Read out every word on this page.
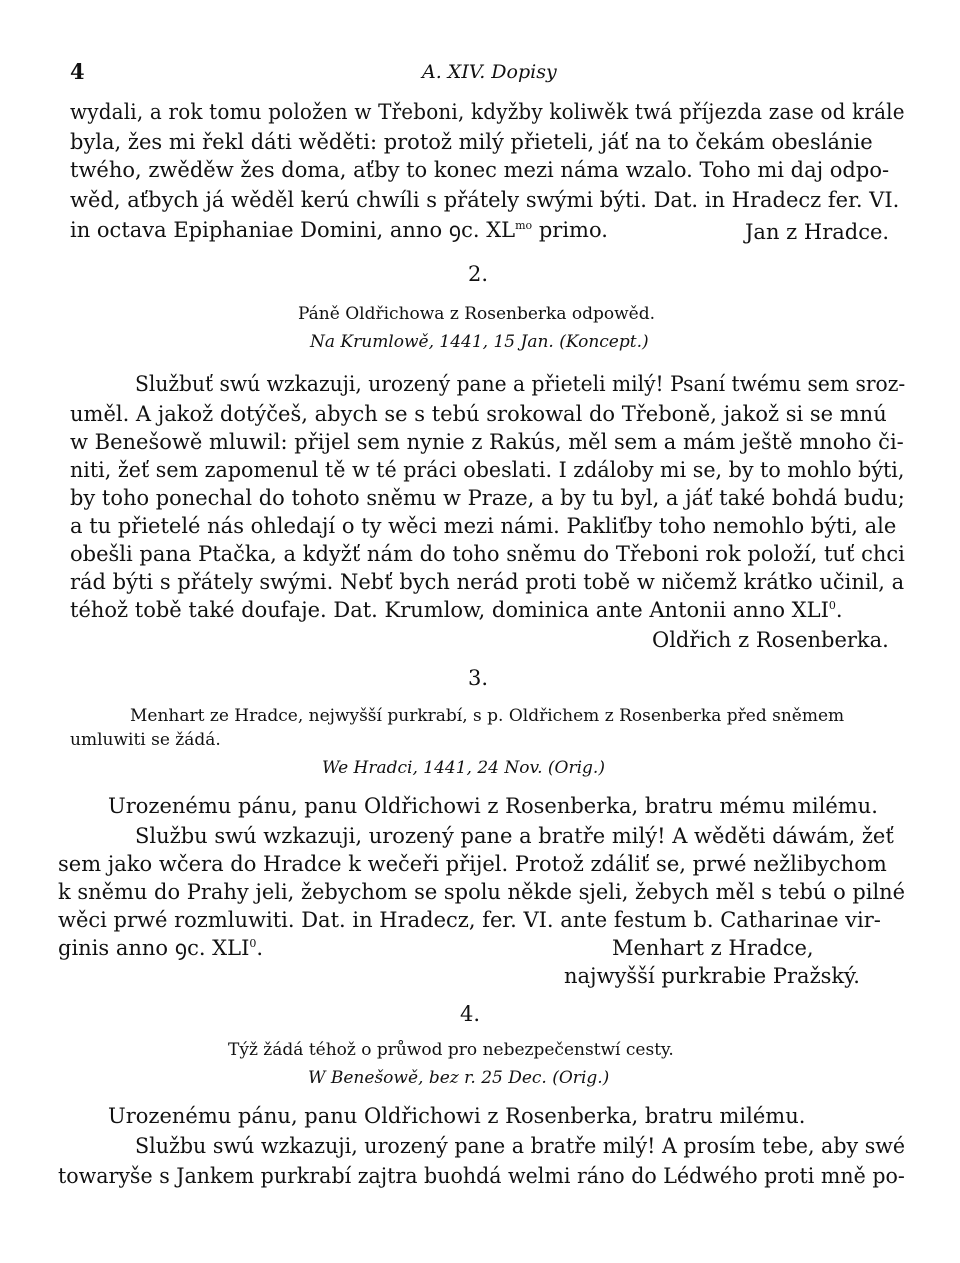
4	A. XIV. Dopisy
wydali, a rok tomu položen w Třeboni, kdyžby koliwěk twá příjezda zase od krále
byla, žes mi řekl dáti wěděti: protož milý přieteli, jáť na to čekám obeslánie
twého, zwěděw žes doma, aťby to konec mezi náma wzalo. Toho mi daj odpo-
wěd, aťbych já wěděl kerú chwíli s přátely swými býti. Dat. in Hradecz fer. VI.
in octava Epiphaniae Domini, anno ꝯc. $XL^{mo}$ primo.	Jan z Hradce.
2.
Páně Oldřichowa z Rosenberka odpowěd.
Na Krumlowě, 1441, 15 Jan. (Koncept.)
Službuť swú wzkazuji, urozený pane a přieteli milý! Psaní twému sem sroz-
uměl. A jakož dotýčeš, abych se s tebú srokowal do Třeboně, jakož si se mnú
w Benešowě mluwil: přijel sem nynie z Rakús, měl sem a mám ještě mnoho či-
niti, žeť sem zapomenul tě w té práci obeslati. I zdáloby mi se, by to mohlo býti,
by toho ponechal do tohoto sněmu w Praze, a by tu byl, a jáť také bohdá budu;
a tu přietelé nás ohledají o ty wěci mezi námi. Pakliťby toho nemohlo býti, ale
obešli pana Ptačka, a kdyžť nám do toho sněmu do Třeboni rok položí, tuť chci
rád býti s přátely swými. Nebť bych nerád proti tobě w ničemž krátko učinil, a
téhož tobě také doufaje. Dat. Krumlow, dominica ante Antonii anno XLI$^0$.
Oldřich z Rosenberka.
3.
Menhart ze Hradce, nejwyšší purkrabí, s p. Oldřichem z Rosenberka před sněmem
umluwiti se žádá.
We Hradci, 1441, 24 Nov. (Orig.)
Urozenému pánu, panu Oldřichowi z Rosenberka, bratru mému milému.
Službu swú wzkazuji, urozený pane a bratře milý! A wěděti dáwám, žeť
sem jako wčera do Hradce k wečeři přijel. Protož zdáliť se, prwé nežlibychom
k sněmu do Prahy jeli, žebychom se spolu někde sjeli, žebych měl s tebú o pilné
wěci prwé rozmluwiti. Dat. in Hradecz, fer. VI. ante festum b. Catharinae vir-
ginis anno ꝯc. XLI$^0$.	Menhart z Hradce,
najwyšší purkrabie Pražský.
4.
Týž žádá téhož o průwod pro nebezpečenstwí cesty.
W Benešowě, bez r. 25 Dec. (Orig.)
Urozenému pánu, panu Oldřichowi z Rosenberka, bratru milému.
Službu swú wzkazuji, urozený pane a bratře milý! A prosím tebe, aby swé
towaryše s Jankem purkrabí zajtra buohdá welmi ráno do Lédwého proti mně po-
